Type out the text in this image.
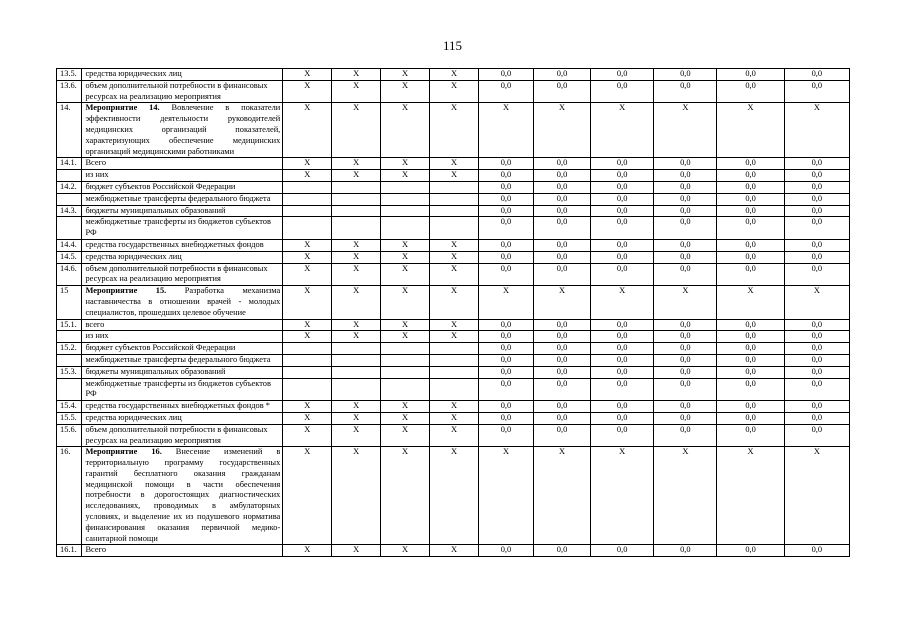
115
13.5.	средства юридических лиц	Х	Х	Х	Х	0,0	0,0	0,0	0,0	0,0	0,0
13.6.	объем дополнительной потребности в финансовых ресурсах на реализацию мероприятия	Х	Х	Х	Х	0,0	0,0	0,0	0,0	0,0	0,0
14.	Мероприятие 14. Вовлечение в показатели эффективности деятельности руководителей медицинских организаций показателей, характеризующих обеспечение медицинских организаций медицинскими работниками	Х	Х	Х	Х	Х	Х	Х	Х	Х	Х
14.1.	Всего	Х	Х	Х	Х	0,0	0,0	0,0	0,0	0,0	0,0
	из них	Х	Х	Х	Х	0,0	0,0	0,0	0,0	0,0	0,0
14.2.	бюджет субъектов Российской Федерации					0,0	0,0	0,0	0,0	0,0	0,0
	межбюджетные трансферты федерального бюджета					0,0	0,0	0,0	0,0	0,0	0,0
14.3.	бюджеты муниципальных образований					0,0	0,0	0,0	0,0	0,0	0,0
	межбюджетные трансферты из бюджетов субъектов РФ					0,0	0,0	0,0	0,0	0,0	0,0
14.4.	средства государственных внебюджетных фондов	Х	Х	Х	Х	0,0	0,0	0,0	0,0	0,0	0,0
14.5.	средства юридических лиц	Х	Х	Х	Х	0,0	0,0	0,0	0,0	0,0	0,0
14.6.	объем дополнительной потребности в финансовых ресурсах на реализацию мероприятия	Х	Х	Х	Х	0,0	0,0	0,0	0,0	0,0	0,0
15	Мероприятие 15. Разработка механизма наставничества в отношении врачей - молодых специалистов, прошедших целевое обучение	Х	Х	Х	Х	Х	Х	Х	Х	Х	Х
15.1.	всего	Х	Х	Х	Х	0,0	0,0	0,0	0,0	0,0	0,0
	из них	Х	Х	Х	Х	0,0	0,0	0,0	0,0	0,0	0,0
15.2.	бюджет субъектов Российской Федерации					0,0	0,0	0,0	0,0	0,0	0,0
	межбюджетные трансферты федерального бюджета					0,0	0,0	0,0	0,0	0,0	0,0
15.3.	бюджеты муниципальных образований					0,0	0,0	0,0	0,0	0,0	0,0
	межбюджетные трансферты из бюджетов субъектов РФ					0,0	0,0	0,0	0,0	0,0	0,0
15.4.	средства государственных внебюджетных фондов *	Х	Х	Х	Х	0,0	0,0	0,0	0,0	0,0	0,0
15.5.	средства юридических лиц	Х	Х	Х	Х	0,0	0,0	0,0	0,0	0,0	0,0
15.6.	объем дополнительной потребности в финансовых ресурсах на реализацию мероприятия	Х	Х	Х	Х	0,0	0,0	0,0	0,0	0,0	0,0
16.	Мероприятие 16. Внесение изменений в территориальную программу государственных гарантий бесплатного оказания гражданам медицинской помощи в части обеспечения потребности в дорогостоящих диагностических исследованиях, проводимых в амбулаторных условиях, и выделение их из подушевого норматива финансирования оказания первичной медико-санитарной помощи	Х	Х	Х	Х	Х	Х	Х	Х	Х	Х
16.1.	Всего	Х	Х	Х	Х	0,0	0,0	0,0	0,0	0,0	0,0
